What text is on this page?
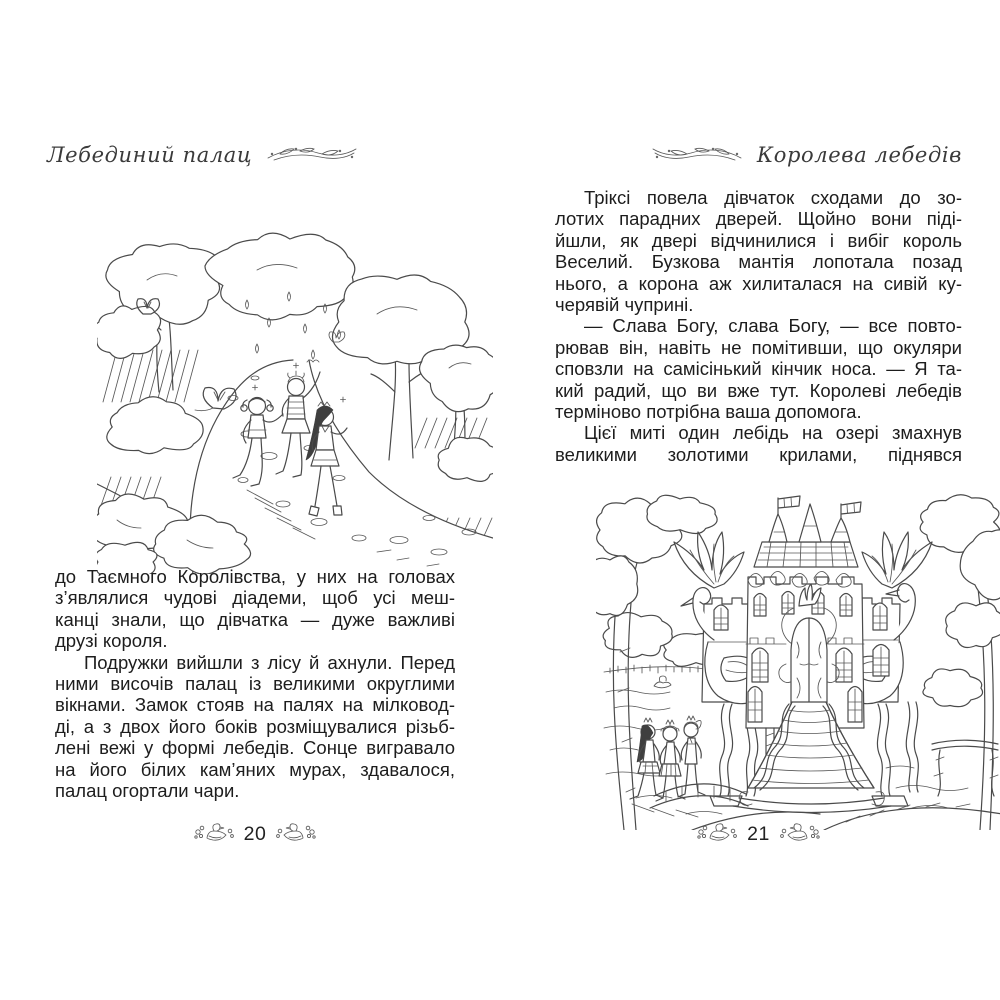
Лебединий палац	Королева лебедів
до Таємного Королівства, у них на головах
з’являлися чудові діадеми, щоб усі меш-
канці знали, що дівчатка — дуже важливі
друзі короля.
Подружки вийшли з лісу й ахнули. Перед
ними височів палац із великими округлими
вікнами. Замок стояв на палях на мілковод-
ді, а з двох його боків розміщувалися різьб-
лені вежі у формі лебедів. Сонце вигравало
на його білих кам’яних мурах, здавалося,
палац огортали чари.
20
Тріксі повела дівчаток сходами до зо-
лотих парадних дверей. Щойно вони піді-
йшли, як двері відчинилися і вибіг король
Веселий. Бузкова мантія лопотала позад
нього, а корона аж хилиталася на сивій ку-
черявій чуприні.
— Слава Богу, слава Богу, — все повто-
рював він, навіть не помітивши, що окуляри
сповзли на самісінький кінчик носа. — Я та-
кий радий, що ви вже тут. Королеві лебедів
терміново потрібна ваша допомога.
Цієї миті один лебідь на озері змахнув
великими золотими крилами, піднявся
21
